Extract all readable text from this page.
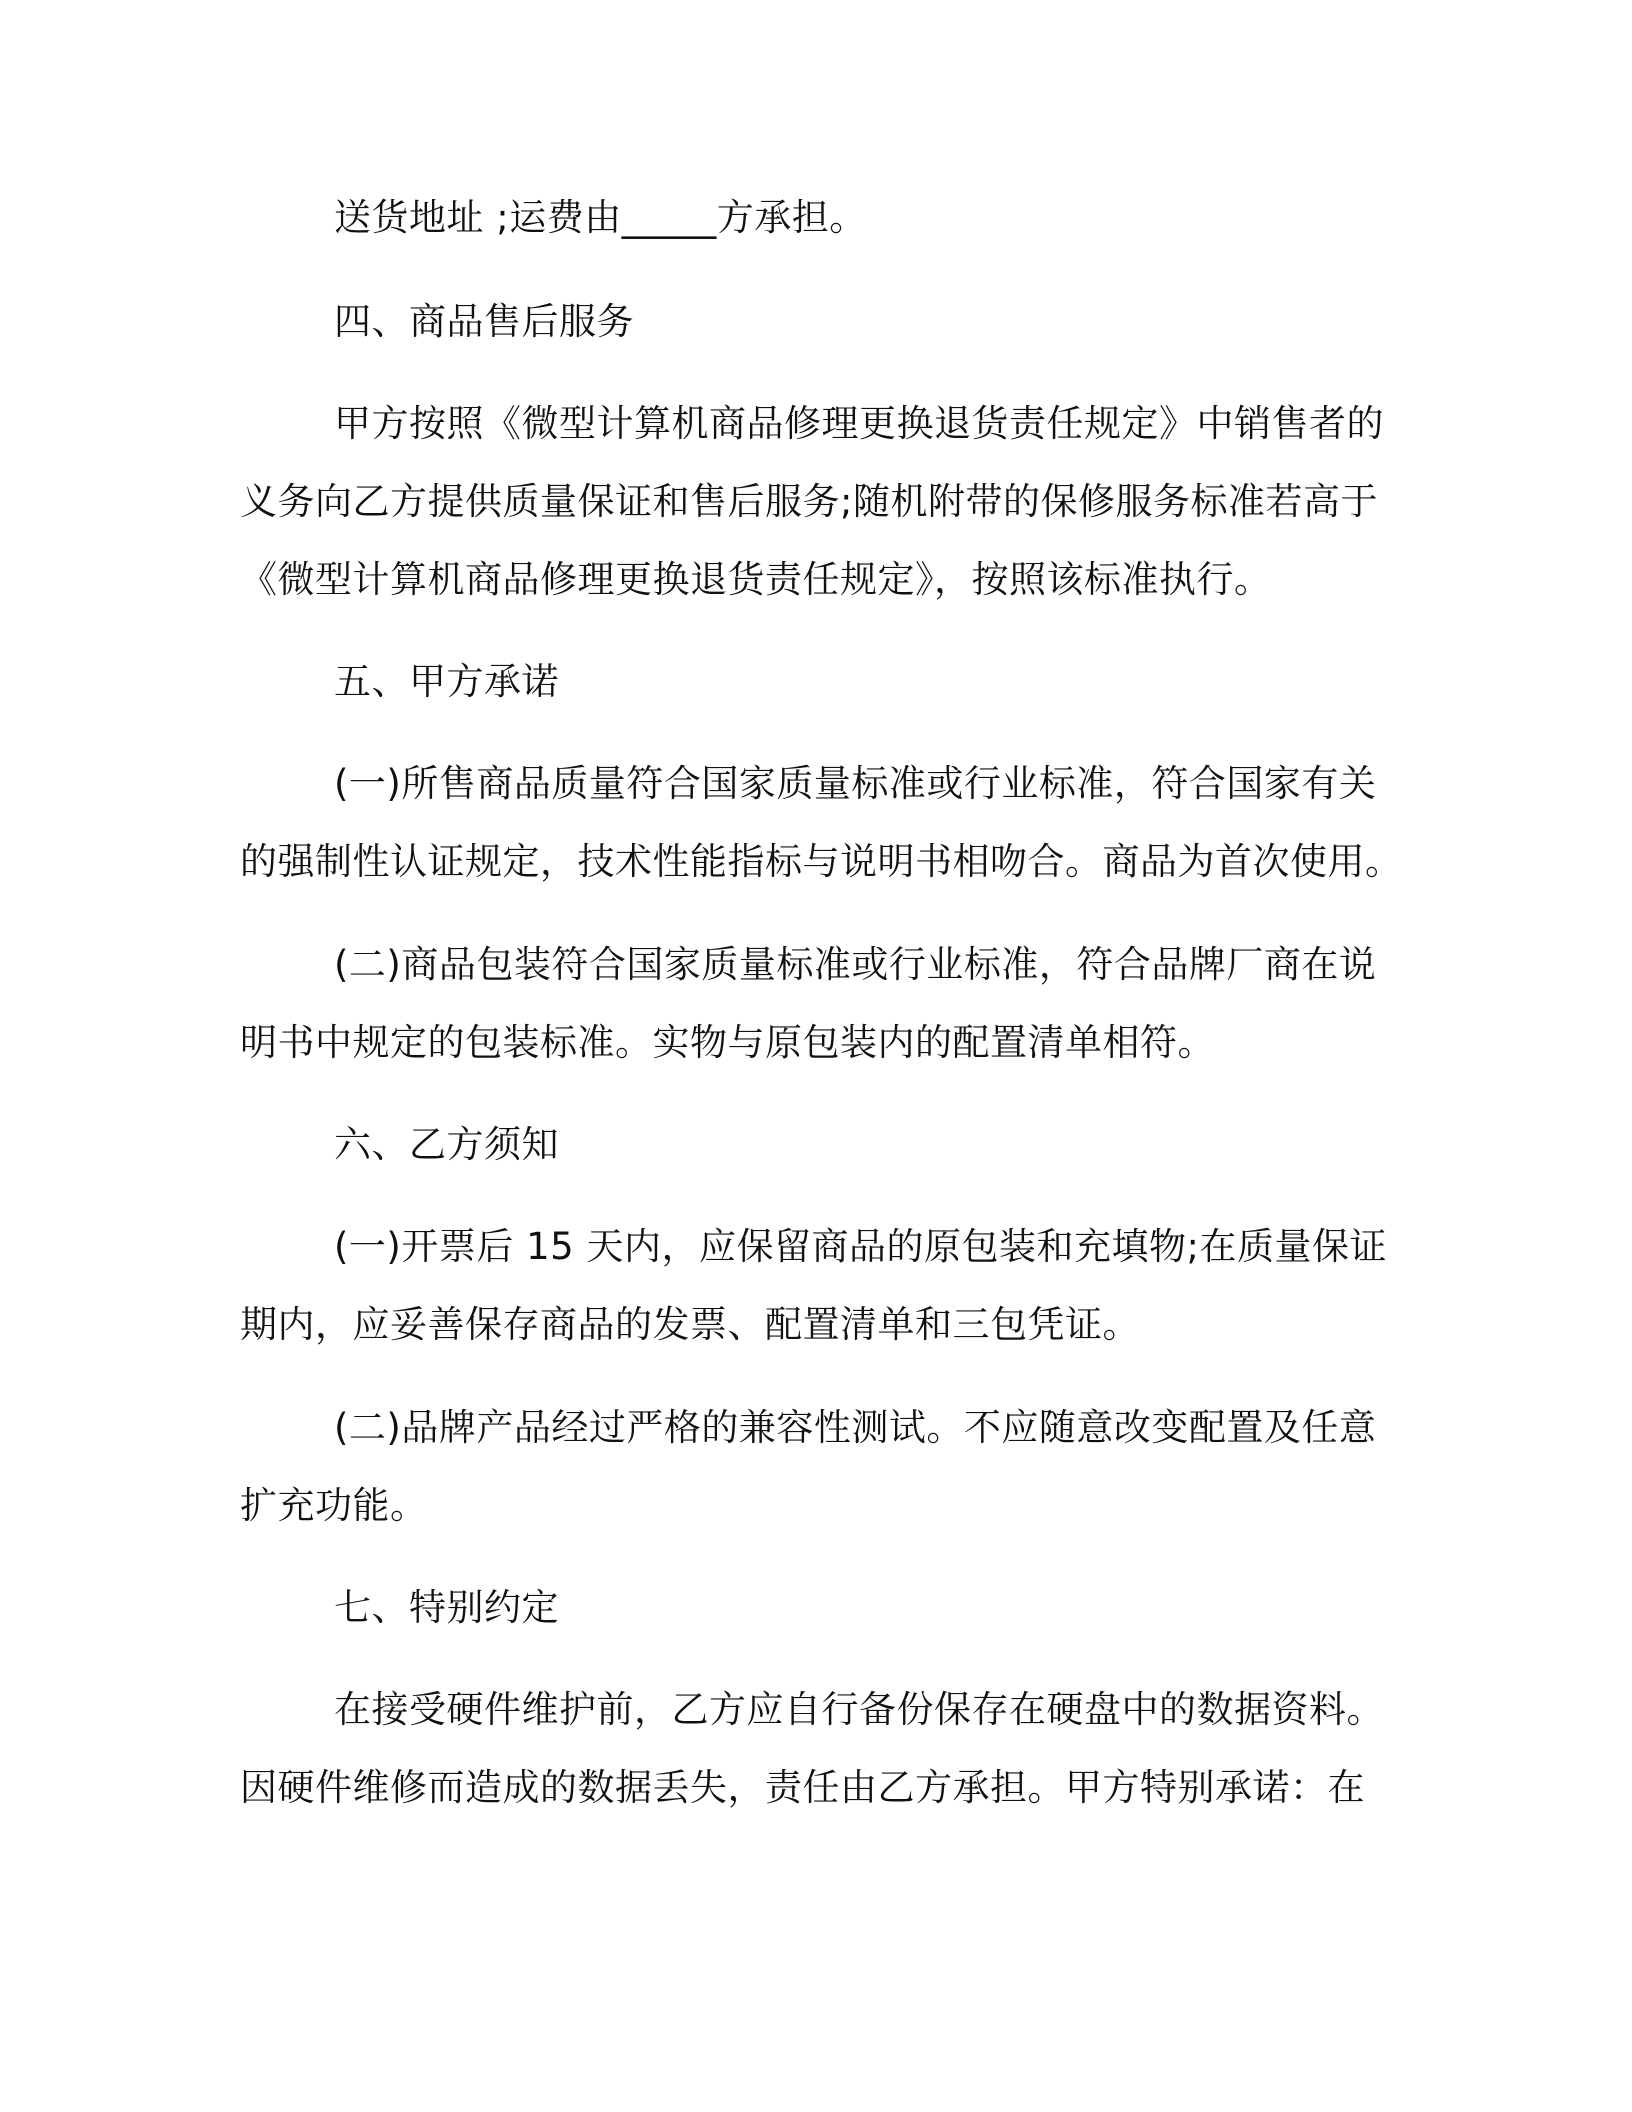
送货地址 ;运费由_____方承担。
四、商品售后服务
甲方按照《微型计算机商品修理更换退货责任规定》中销售者的
义务向乙方提供质量保证和售后服务;随机附带的保修服务标准若高于
《微型计算机商品修理更换退货责任规定》，按照该标准执行。
五、甲方承诺
(一)所售商品质量符合国家质量标准或行业标准，符合国家有关
的强制性认证规定，技术性能指标与说明书相吻合。商品为首次使用。
(二)商品包装符合国家质量标准或行业标准，符合品牌厂商在说
明书中规定的包装标准。实物与原包装内的配置清单相符。
六、乙方须知
(一)开票后 15 天内，应保留商品的原包装和充填物;在质量保证
期内，应妥善保存商品的发票、配置清单和三包凭证。
(二)品牌产品经过严格的兼容性测试。不应随意改变配置及任意
扩充功能。
七、特别约定
在接受硬件维护前，乙方应自行备份保存在硬盘中的数据资料。
因硬件维修而造成的数据丢失，责任由乙方承担。甲方特别承诺：在
